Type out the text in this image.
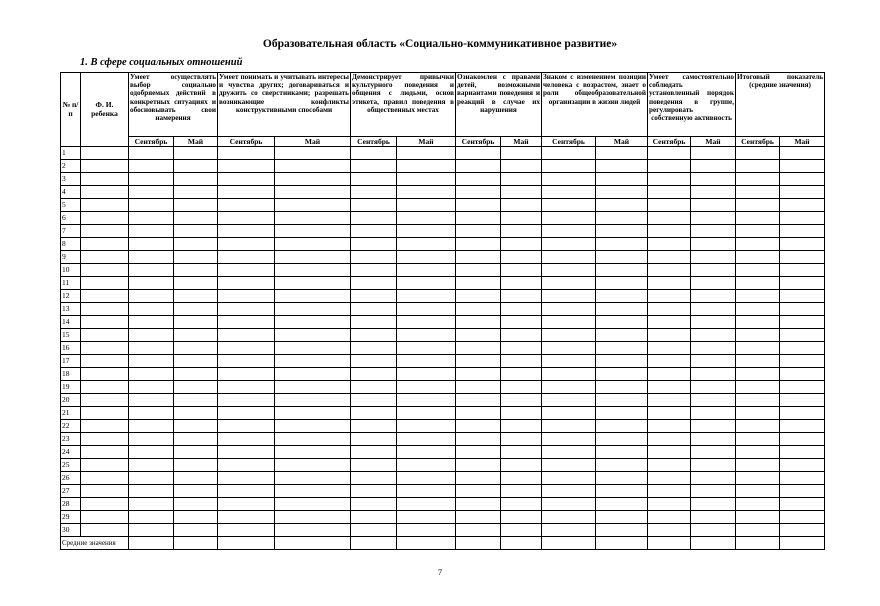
Образовательная область «Социально-коммуникативное развитие»
1. В сфере социальных отношений
№ п/п	Ф. И. ребенка	Умеет осуществлять выбор социально одобряемых действий в конкретных ситуациях и обосновывать свои намерения		Умеет понимать и учитывать интересы и чувства других; договариваться и дружить со сверстниками; разрешать возникающие конфликты конструктивными способами		Демонстрирует привычки культурного поведения и общения с людьми, основ этикета, правил поведения в общественных местах		Ознакомлен с правами детей, возможными вариантами поведения и реакций в случае их нарушения		Знаком с изменением позиции человека с возрастом, знает о роли общеобразовательной организации в жизни людей		Умеет самостоятельно соблюдать установленный порядок поведения в группе, регулировать собственную активность		Итоговый показатель (средние значения)	
		Сентябрь	Май	Сентябрь	Май	Сентябрь	Май	Сентябрь	Май	Сентябрь	Май	Сентябрь	Май	Сентябрь	Май
1															
2															
3															
4															
5															
6															
7															
8															
9															
10															
11															
12															
13															
14															
15															
16															
17															
18															
19															
20															
21															
22															
23															
24															
25															
26															
27															
28															
29															
30															
Средние значения															
7
